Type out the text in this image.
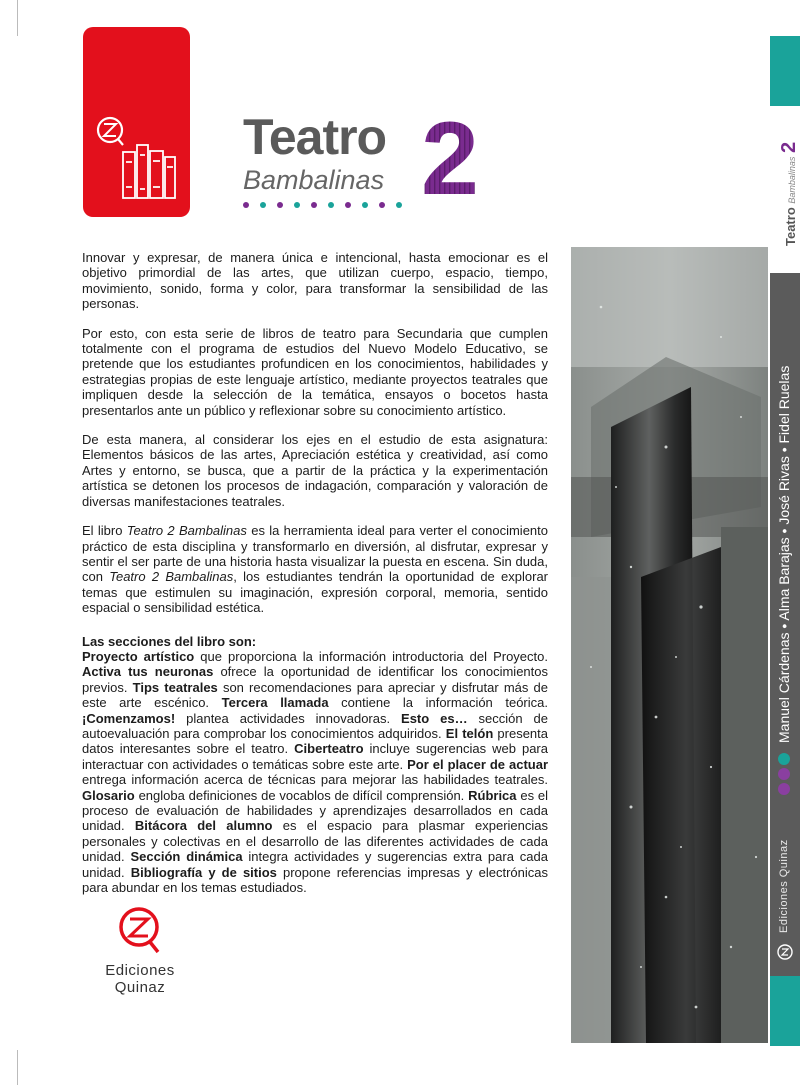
Teatro
Bambalinas 2

Innovar y expresar, de manera única e intencional, hasta emocionar es el objetivo primordial de las artes, que utilizan cuerpo, espacio, tiempo, movimiento, sonido, forma y color, para transformar la sensibilidad de las personas.

Por esto, con esta serie de libros de teatro para Secundaria que cumplen totalmente con el programa de estudios del Nuevo Modelo Educativo, se pretende que los estudiantes profundicen en los conocimientos, habilidades y estrategias propias de este lenguaje artístico, mediante proyectos teatrales que impliquen desde la selección de la temática, ensayos o bocetos hasta presentarlos ante un público y reflexionar sobre su conocimiento artístico.

De esta manera, al considerar los ejes en el estudio de esta asignatura: Elementos básicos de las artes, Apreciación estética y creatividad, así como Artes y entorno, se busca, que a partir de la práctica y la experimentación artística se detonen los procesos de indagación, comparación y valoración de diversas manifestaciones teatrales.

El libro Teatro 2 Bambalinas es la herramienta ideal para verter el conocimiento práctico de esta disciplina y transformarlo en diversión, al disfrutar, expresar y sentir el ser parte de una historia hasta visualizar la puesta en escena. Sin duda, con Teatro 2 Bambalinas, los estudiantes tendrán la oportunidad de explorar temas que estimulen su imaginación, expresión corporal, memoria, sentido espacial o sensibilidad estética.

Las secciones del libro son:
Proyecto artístico que proporciona la información introductoria del Proyecto. Activa tus neuronas ofrece la oportunidad de identificar los conocimientos previos. Tips teatrales son recomendaciones para apreciar y disfrutar más de este arte escénico. Tercera llamada contiene la información teórica. ¡Comenzamos! plantea actividades innovadoras. Esto es… sección de autoevaluación para comprobar los conocimientos adquiridos. El telón presenta datos interesantes sobre el teatro. Ciberteatro incluye sugerencias web para interactuar con actividades o temáticas sobre este arte. Por el placer de actuar entrega información acerca de técnicas para mejorar las habilidades teatrales. Glosario engloba definiciones de vocablos de difícil comprensión. Rúbrica es el proceso de evaluación de habilidades y aprendizajes desarrollados en cada unidad. Bitácora del alumno es el espacio para plasmar experiencias personales y colectivas en el desarrollo de las diferentes actividades de cada unidad. Sección dinámica integra actividades y sugerencias extra para cada unidad. Bibliografía y de sitios propone referencias impresas y electrónicas para abundar en los temas estudiados.

Teatro Bambalinas 2
Manuel Cárdenas • Alma Barajas • José Rivas • Fidel Ruelas
Ediciones Quinaz
Ediciones Quinaz
